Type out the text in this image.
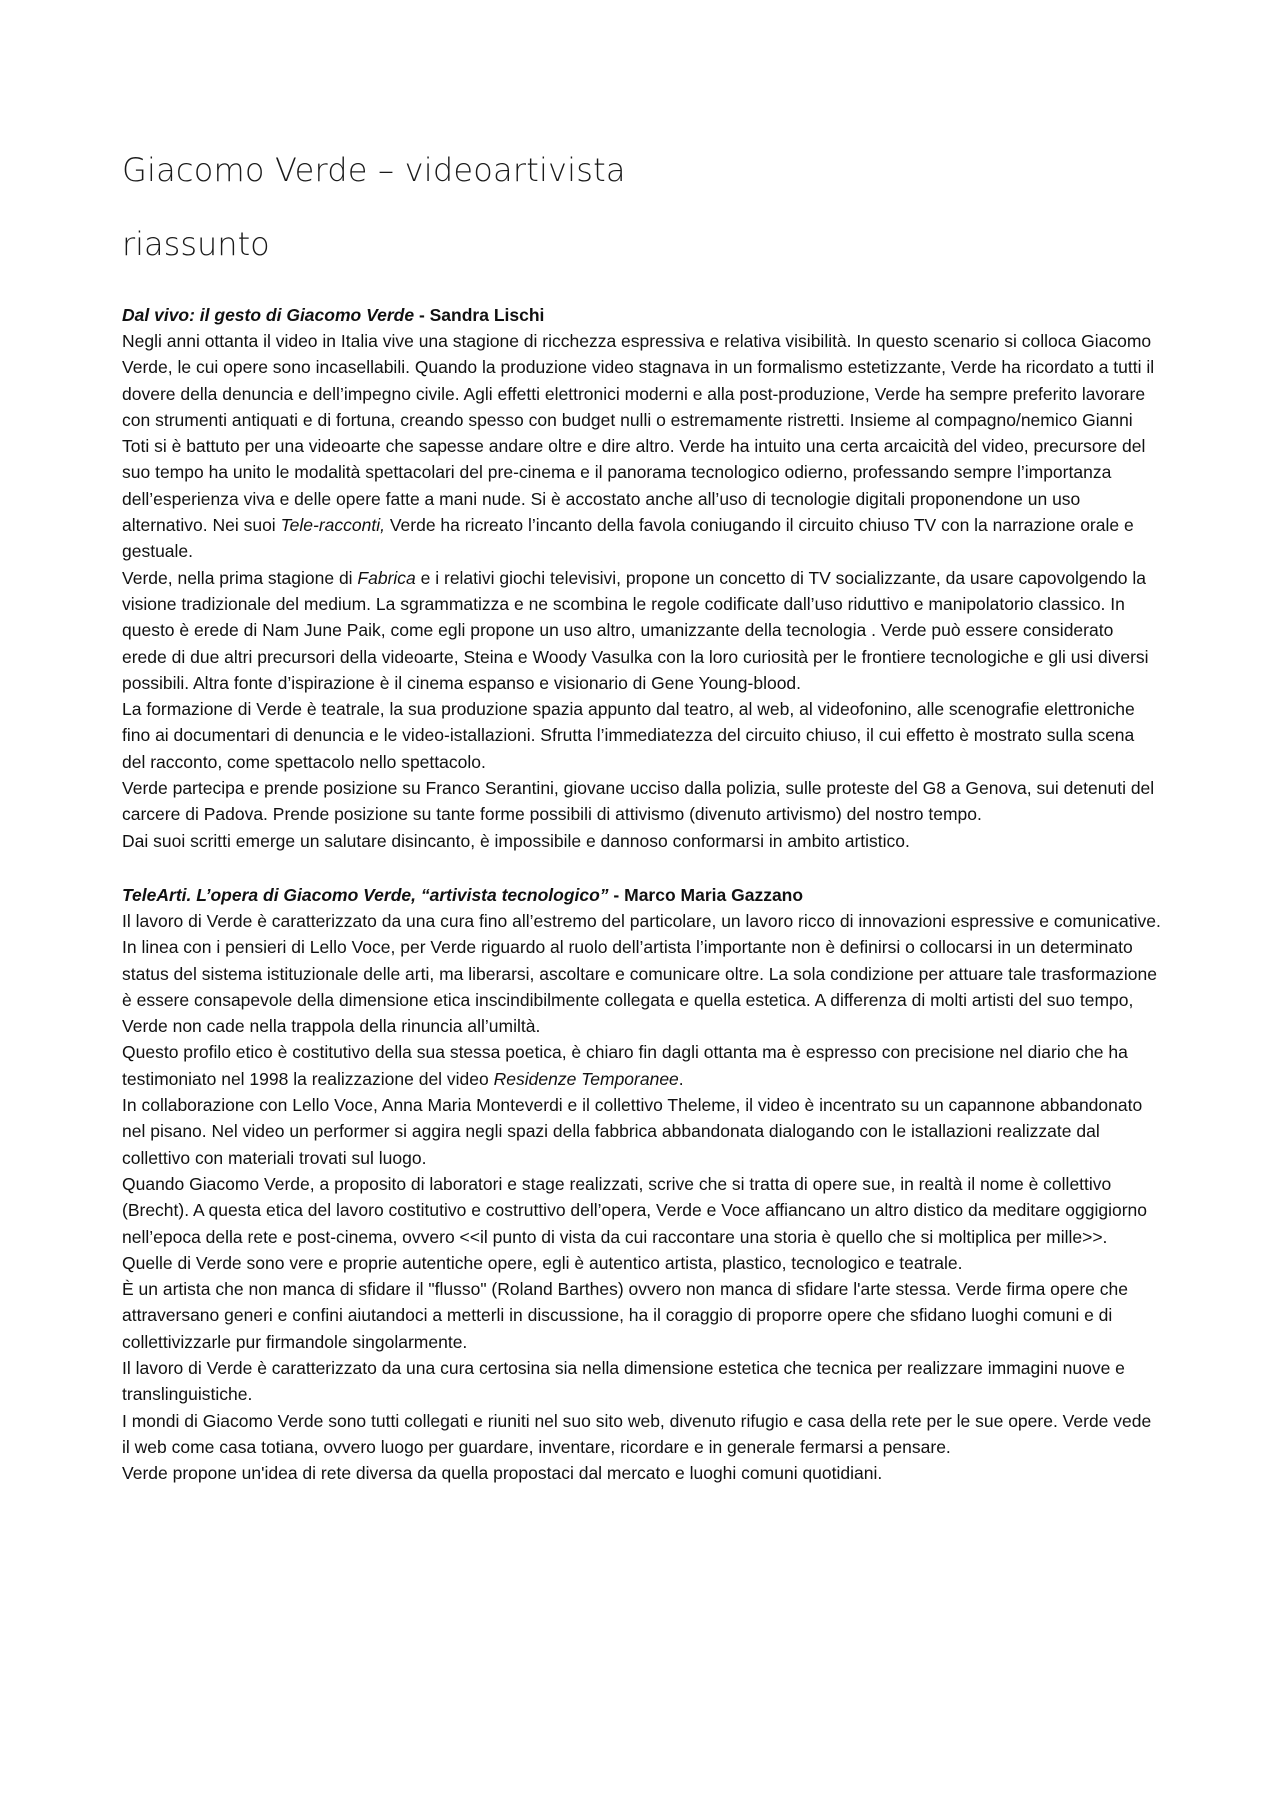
Giacomo Verde – videoartivista
riassunto

Dal vivo: il gesto di Giacomo Verde - Sandra Lischi

Negli anni ottanta il video in Italia vive una stagione di ricchezza espressiva e relativa visibilità. In questo scenario si colloca Giacomo Verde, le cui opere sono incasellabili. Quando la produzione video stagnava in un formalismo estetizzante, Verde ha ricordato a tutti il dovere della denuncia e dell’impegno civile. Agli effetti elettronici moderni e alla post-produzione, Verde ha sempre preferito lavorare con strumenti antiquati e di fortuna, creando spesso con budget nulli o estremamente ristretti. Insieme al compagno/nemico Gianni Toti si è battuto per una videoarte che sapesse andare oltre e dire altro. Verde ha intuito una certa arcaicità del video, precursore del suo tempo ha unito le modalità spettacolari del pre-cinema e il panorama tecnologico odierno, professando sempre l’importanza dell’esperienza viva e delle opere fatte a mani nude. Si è accostato anche all’uso di tecnologie digitali proponendone un uso alternativo. Nei suoi Tele-racconti, Verde ha ricreato l’incanto della favola coniugando il circuito chiuso TV con la narrazione orale e gestuale.

Verde, nella prima stagione di Fabrica e i relativi giochi televisivi, propone un concetto di TV socializzante, da usare capovolgendo la visione tradizionale del medium. La sgrammatizza e ne scombina le regole codificate dall’uso riduttivo e manipolatorio classico. In questo è erede di Nam June Paik, come egli propone un uso altro, umanizzante della tecnologia . Verde può essere considerato erede di due altri precursori della videoarte, Steina e Woody Vasulka con la loro curiosità per le frontiere tecnologiche e gli usi diversi possibili. Altra fonte d’ispirazione è il cinema espanso e visionario di Gene Young-blood.

La formazione di Verde è teatrale, la sua produzione spazia appunto dal teatro, al web, al videofonino, alle scenografie elettroniche fino ai documentari di denuncia e le video-istallazioni. Sfrutta l’immediatezza del circuito chiuso, il cui effetto è mostrato sulla scena del racconto, come spettacolo nello spettacolo.

Verde partecipa e prende posizione su Franco Serantini, giovane ucciso dalla polizia, sulle proteste del G8 a Genova, sui detenuti del carcere di Padova. Prende posizione su tante forme possibili di attivismo (divenuto artivismo) del nostro tempo.

Dai suoi scritti emerge un salutare disincanto, è impossibile e dannoso conformarsi in ambito artistico.

TeleArti. L’opera di Giacomo Verde, “artivista tecnologico” - Marco Maria Gazzano

Il lavoro di Verde è caratterizzato da una cura fino all’estremo del particolare, un lavoro ricco di innovazioni espressive e comunicative. In linea con i pensieri di Lello Voce, per Verde riguardo al ruolo dell’artista l’importante non è definirsi o collocarsi in un determinato status del sistema istituzionale delle arti, ma liberarsi, ascoltare e comunicare oltre. La sola condizione per attuare tale trasformazione è essere consapevole della dimensione etica inscindibilmente collegata e quella estetica. A differenza di molti artisti del suo tempo, Verde non cade nella trappola della rinuncia all’umiltà.

Questo profilo etico è costitutivo della sua stessa poetica, è chiaro fin dagli ottanta ma è espresso con precisione nel diario che ha testimoniato nel 1998 la realizzazione del video Residenze Temporanee.

In collaborazione con Lello Voce, Anna Maria Monteverdi e il collettivo Theleme, il video è incentrato su un capannone abbandonato nel pisano. Nel video un performer si aggira negli spazi della fabbrica abbandonata dialogando con le istallazioni realizzate dal collettivo con materiali trovati sul luogo.

Quando Giacomo Verde, a proposito di laboratori e stage realizzati, scrive che si tratta di opere sue, in realtà il nome è collettivo (Brecht). A questa etica del lavoro costitutivo e costruttivo dell’opera, Verde e Voce affiancano un altro distico da meditare oggigiorno nell’epoca della rete e post-cinema, ovvero <<il punto di vista da cui raccontare una storia è quello che si moltiplica per mille>>.

Quelle di Verde sono vere e proprie autentiche opere, egli è autentico artista, plastico, tecnologico e teatrale.

È un artista che non manca di sfidare il "flusso" (Roland Barthes) ovvero non manca di sfidare l'arte stessa. Verde firma opere che attraversano generi e confini aiutandoci a metterli in discussione, ha il coraggio di proporre opere che sfidano luoghi comuni e di collettivizzarle pur firmandole singolarmente.

Il lavoro di Verde è caratterizzato da una cura certosina sia nella dimensione estetica che tecnica per realizzare immagini nuove e translinguistiche.

I mondi di Giacomo Verde sono tutti collegati e riuniti nel suo sito web, divenuto rifugio e casa della rete per le sue opere. Verde vede il web come casa totiana, ovvero luogo per guardare, inventare, ricordare e in generale fermarsi a pensare.

Verde propone un'idea di rete diversa da quella propostaci dal mercato e luoghi comuni quotidiani.
